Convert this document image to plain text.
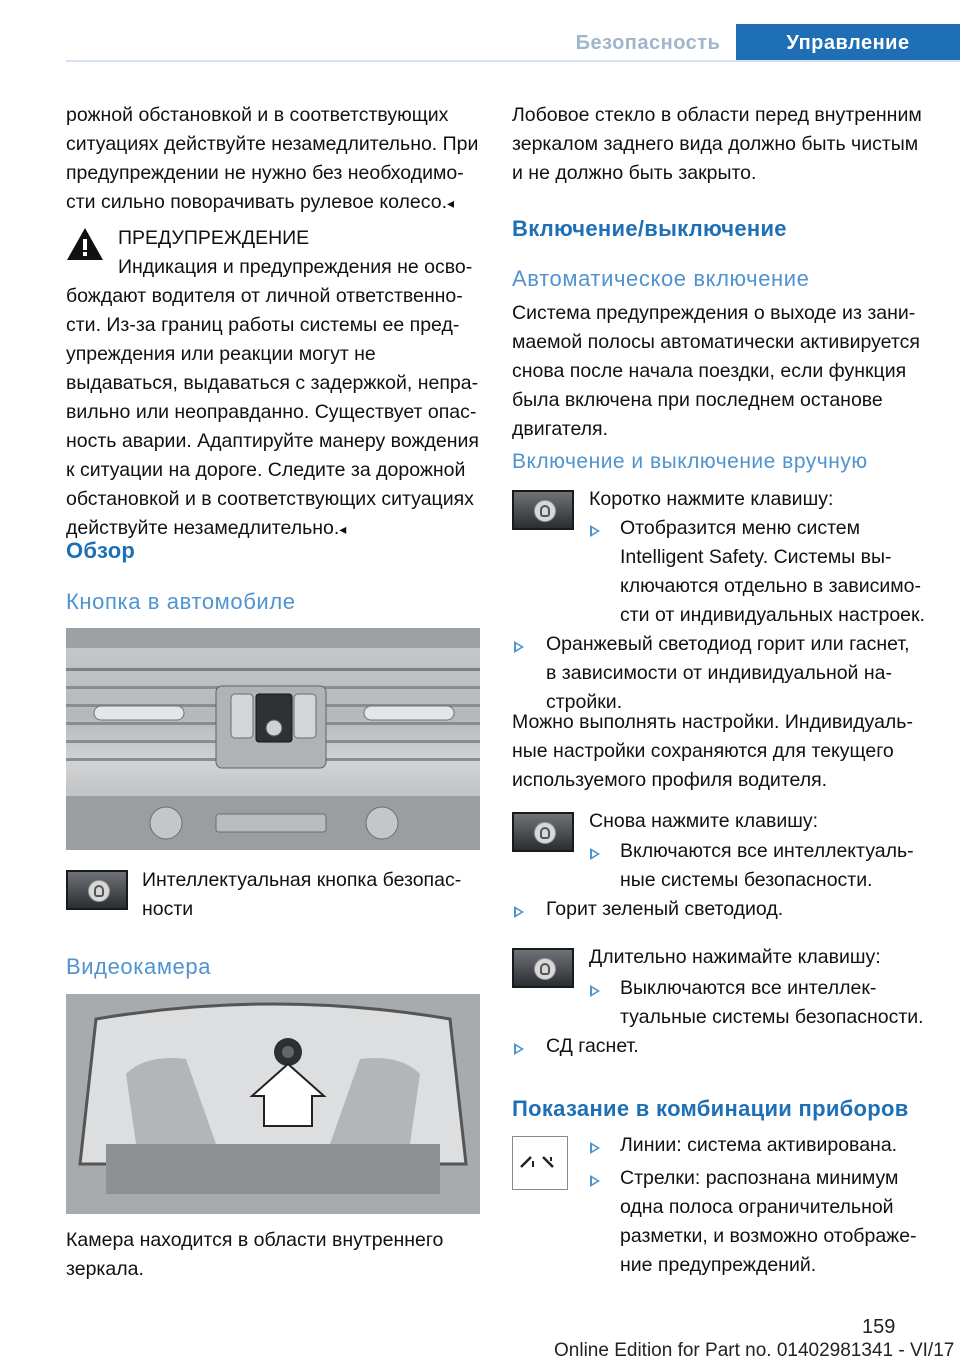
Безопасность	Управление

рожной обстановкой и в соответствующих

ситуациях действуйте незамедлительно. При

предупреждении не нужно без необходимо-

сти сильно поворачивать рулевое колесо.◂

ПРЕДУПРЕЖДЕНИЕ

Индикация и предупреждения не осво-

бождают водителя от личной ответственно-

сти. Из-за границ работы системы ее пред-

упреждения или реакции могут не

выдаваться, выдаваться с задержкой, непра-

вильно или неоправданно. Существует опас-

ность аварии. Адаптируйте манеру вождения

к ситуации на дороге. Следите за дорожной

обстановкой и в соответствующих ситуациях

действуйте незамедлительно.◂

Обзор
Кнопка в автомобиле

Интеллектуальная кнопка безопас-

ности

Видеокамера

Камера находится в области внутреннего

зеркала.

Лобовое стекло в области перед внутренним

зеркалом заднего вида должно быть чистым

и не должно быть закрыто.

Включение/выключение
Автоматическое включение

Система предупреждения о выходе из зани-

маемой полосы автоматически активируется

снова после начала поездки, если функция

была включена при последнем останове

двигателя.

Включение и выключение вручную
Коротко нажмите клавишу:
Отобразится меню систем
Intelligent Safety. Системы вы-
ключаются отдельно в зависимо-
сти от индивидуальных настроек.
Оранжевый светодиод горит или гаснет,
в зависимости от индивидуальной на-
стройки.

Можно выполнять настройки. Индивидуаль-

ные настройки сохраняются для текущего

используемого профиля водителя.

Снова нажмите клавишу:
Включаются все интеллектуаль-
ные системы безопасности.
Горит зеленый светодиод.
Длительно нажимайте клавишу:
Выключаются все интеллек-
туальные системы безопасности.
СД гаснет.
Показание в комбинации приборов
Линии: система активирована.
Стрелки: распознана минимум
одна полоса ограничительной
разметки, и возможно отображе-
ние предупреждений.
159
Online Edition for Part no. 01402981341 - VI/17
